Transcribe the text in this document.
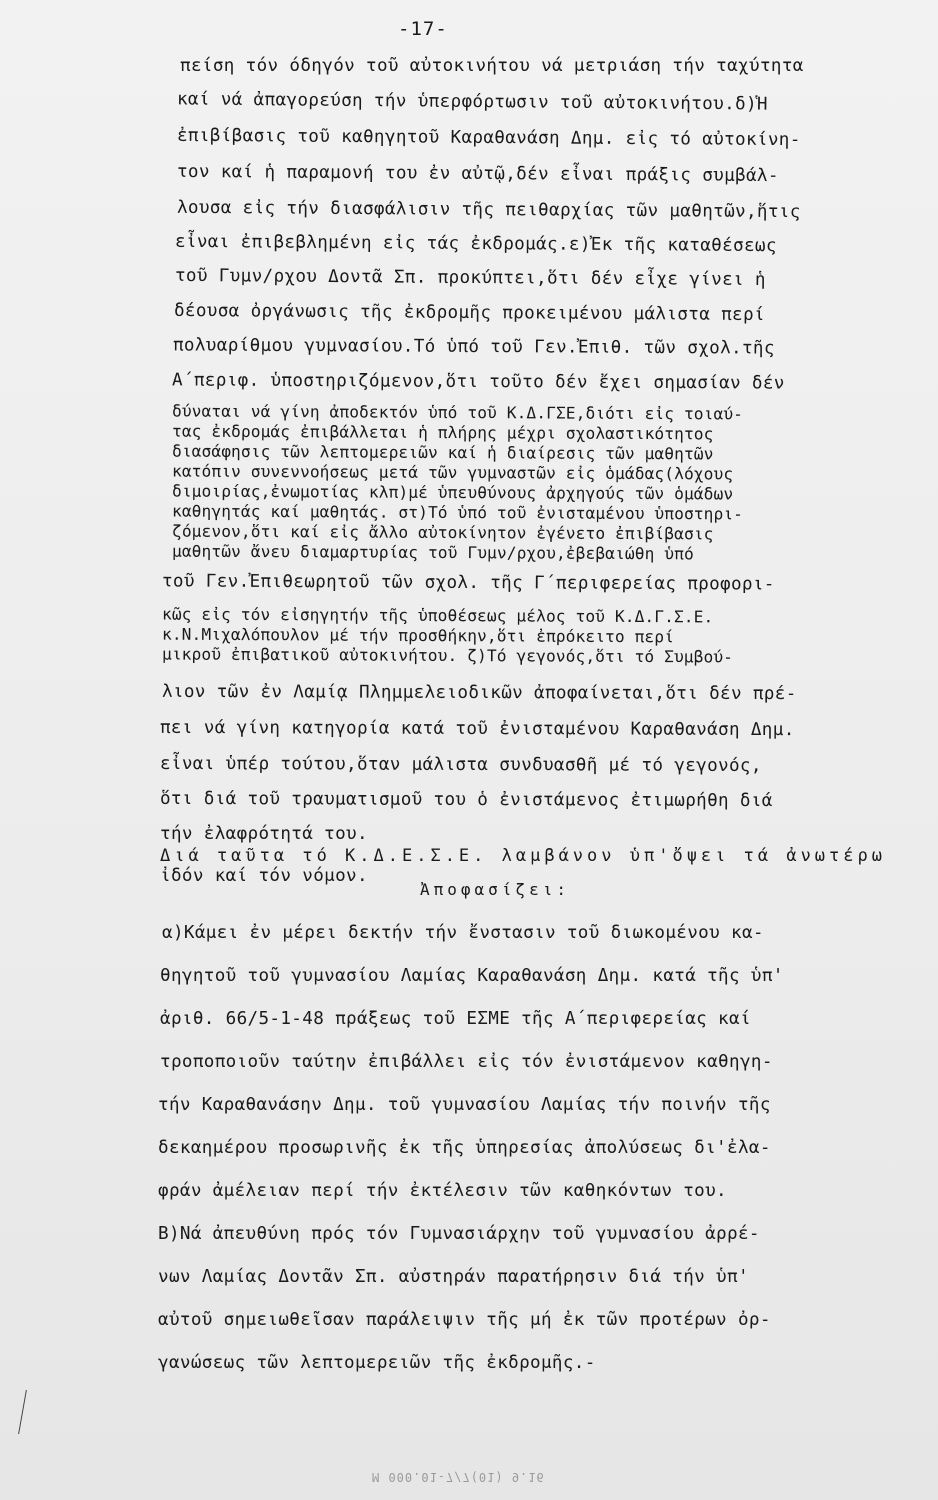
-17-
πείση τόν όδηγόν τοῦ αὐτοκινήτου νά μετριάση τήν ταχύτητα
καί νά ἀπαγορεύση τήν ὑπερφόρτωσιν τοῦ αὐτοκινήτου.δ)Ἡ
ἐπιβίβασις τοῦ καθηγητοῦ Καραθανάση Δημ. εἰς τό αὐτοκίνη-
τον καί ἡ παραμονή του ἐν αὐτῷ,δέν εἶναι πράξις συμβάλ-
λουσα εἰς τήν διασφάλισιν τῆς πειθαρχίας τῶν μαθητῶν,ἥτις
εἶναι ἐπιβεβλημένη εἰς τάς ἐκδρομάς.ε)Ἐκ τῆς καταθέσεως
τοῦ Γυμν/ρχου Δοντᾶ Σπ. προκύπτει,ὅτι δέν εἶχε γίνει ἡ
δέουσα ὀργάνωσις τῆς ἐκδρομῆς προκειμένου μάλιστα περί
πολυαρίθμου γυμνασίου.Τό ὑπό τοῦ Γεν.Ἐπιθ. τῶν σχολ.τῆς
Α΄περιφ. ὑποστηριζόμενον,ὅτι τοῦτο δέν ἔχει σημασίαν δέν
δύναται νά γίνη ἀποδεκτόν ὑπό τοῦ Κ.Δ.ΓΣΕ,διότι εἰς τοιαύ-
τας ἐκδρομάς ἐπιβάλλεται ἡ πλήρης μέχρι σχολαστικότητος
διασάφησις τῶν λεπτομερειῶν καί ἡ διαίρεσις τῶν μαθητῶν
κατόπιν συνεννοήσεως μετά τῶν γυμναστῶν εἰς ὁμάδας(λόχους
διμοιρίας,ἐνωμοτίας κλπ)μέ ὑπευθύνους ἀρχηγούς τῶν ὁμάδων
καθηγητάς καί μαθητάς. στ)Τό ὑπό τοῦ ἐνισταμένου ὑποστηρι-
ζόμενον,ὅτι καί εἰς ἄλλο αὐτοκίνητον ἐγένετο ἐπιβίβασις
μαθητῶν ἄνευ διαμαρτυρίας τοῦ Γυμν/ρχου,ἐβεβαιώθη ὑπό
τοῦ Γεν.Ἐπιθεωρητοῦ τῶν σχολ. τῆς Γ΄περιφερείας προφορι-
κῶς εἰς τόν εἰσηγητήν τῆς ὑποθέσεως μέλος τοῦ Κ.Δ.Γ.Σ.Ε.
κ.Ν.Μιχαλόπουλον μέ τήν προσθήκην,ὅτι ἐπρόκειτο περί
μικροῦ ἐπιβατικοῦ αὐτοκινήτου. ζ)Τό γεγονός,ὅτι τό Συμβού-
λιον τῶν ἐν Λαμίᾳ Πλημμελειοδικῶν ἀποφαίνεται,ὅτι δέν πρέ-
πει νά γίνη κατηγορία κατά τοῦ ἐνισταμένου Καραθανάση Δημ.
εἶναι ὑπέρ τούτου,ὅταν μάλιστα συνδυασθῆ μέ τό γεγονός,
ὅτι διά τοῦ τραυματισμοῦ του ὁ ἐνιστάμενος ἐτιμωρήθη διά
τήν ἐλαφρότητά του.
Διά ταῦτα τό Κ.Δ.Ε.Σ.Ε. λαμβάνον ὑπ'ὄψει τά ἀνωτέρω
ἰδόν καί τόν νόμον.
Ἀποφασίζει:
α)Κάμει ἐν μέρει δεκτήν τήν ἔνστασιν τοῦ διωκομένου κα-
θηγητοῦ τοῦ γυμνασίου Λαμίας Καραθανάση Δημ. κατά τῆς ὑπ'
ἀριθ. 66/5-1-48 πράξεως τοῦ ΕΣΜΕ τῆς Α΄περιφερείας καί
τροποποιοῦν ταύτην ἐπιβάλλει εἰς τόν ἐνιστάμενον καθηγη-
τήν Καραθανάσην Δημ. τοῦ γυμνασίου Λαμίας τήν ποινήν τῆς
δεκαημέρου προσωρινῆς ἐκ τῆς ὑπηρεσίας ἀπολύσεως δι'ἐλα-
φράν ἀμέλειαν περί τήν ἐκτέλεσιν τῶν καθηκόντων του.
Β)Νά ἀπευθύνη πρός τόν Γυμνασιάρχην τοῦ γυμνασίου ἀρρέ-
νων Λαμίας Δοντᾶν Σπ. αὐστηράν παρατήρησιν διά τήν ὑπ'
αὐτοῦ σημειωθεῖσαν παράλειψιν τῆς μή ἐκ τῶν προτέρων ὀρ-
γανώσεως τῶν λεπτομερειῶν τῆς ἐκδρομῆς.-
M 000.01-7/7(01) 9.16
